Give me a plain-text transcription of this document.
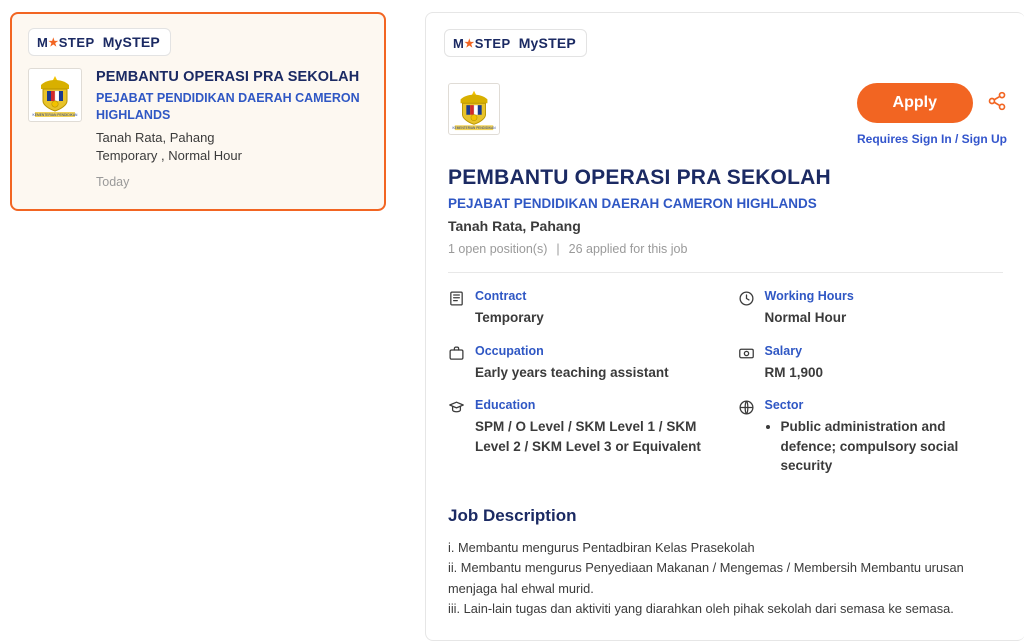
M ★ STEP MySTEP
KEMENTERIAN PENDIDIKAN
PEMBANTU OPERASI PRA SEKOLAH
PEJABAT PENDIDIKAN DAERAH CAMERON HIGHLANDS
Tanah Rata, Pahang
Temporary , Normal Hour
Today
M ★ STEP MySTEP
KEMENTERIAN PENDIDIKAN
Apply
Requires Sign In / Sign Up
PEMBANTU OPERASI PRA SEKOLAH
PEJABAT PENDIDIKAN DAERAH CAMERON HIGHLANDS
Tanah Rata, Pahang
1 open position(s) | 26 applied for this job
Contract
Temporary
Working Hours
Normal Hour
Occupation
Early years teaching assistant
Salary
RM 1,900
Education
SPM / O Level / SKM Level 1 / SKM Level 2 / SKM Level 3 or Equivalent
Sector
• Public administration and defence; compulsory social security
Job Description

i. Membantu mengurus Pentadbiran Kelas Prasekolah

ii. Membantu mengurus Penyediaan Makanan / Mengemas / Membersih Membantu urusan menjaga hal ehwal murid.

iii. Lain-lain tugas dan aktiviti yang diarahkan oleh pihak sekolah dari semasa ke semasa.
